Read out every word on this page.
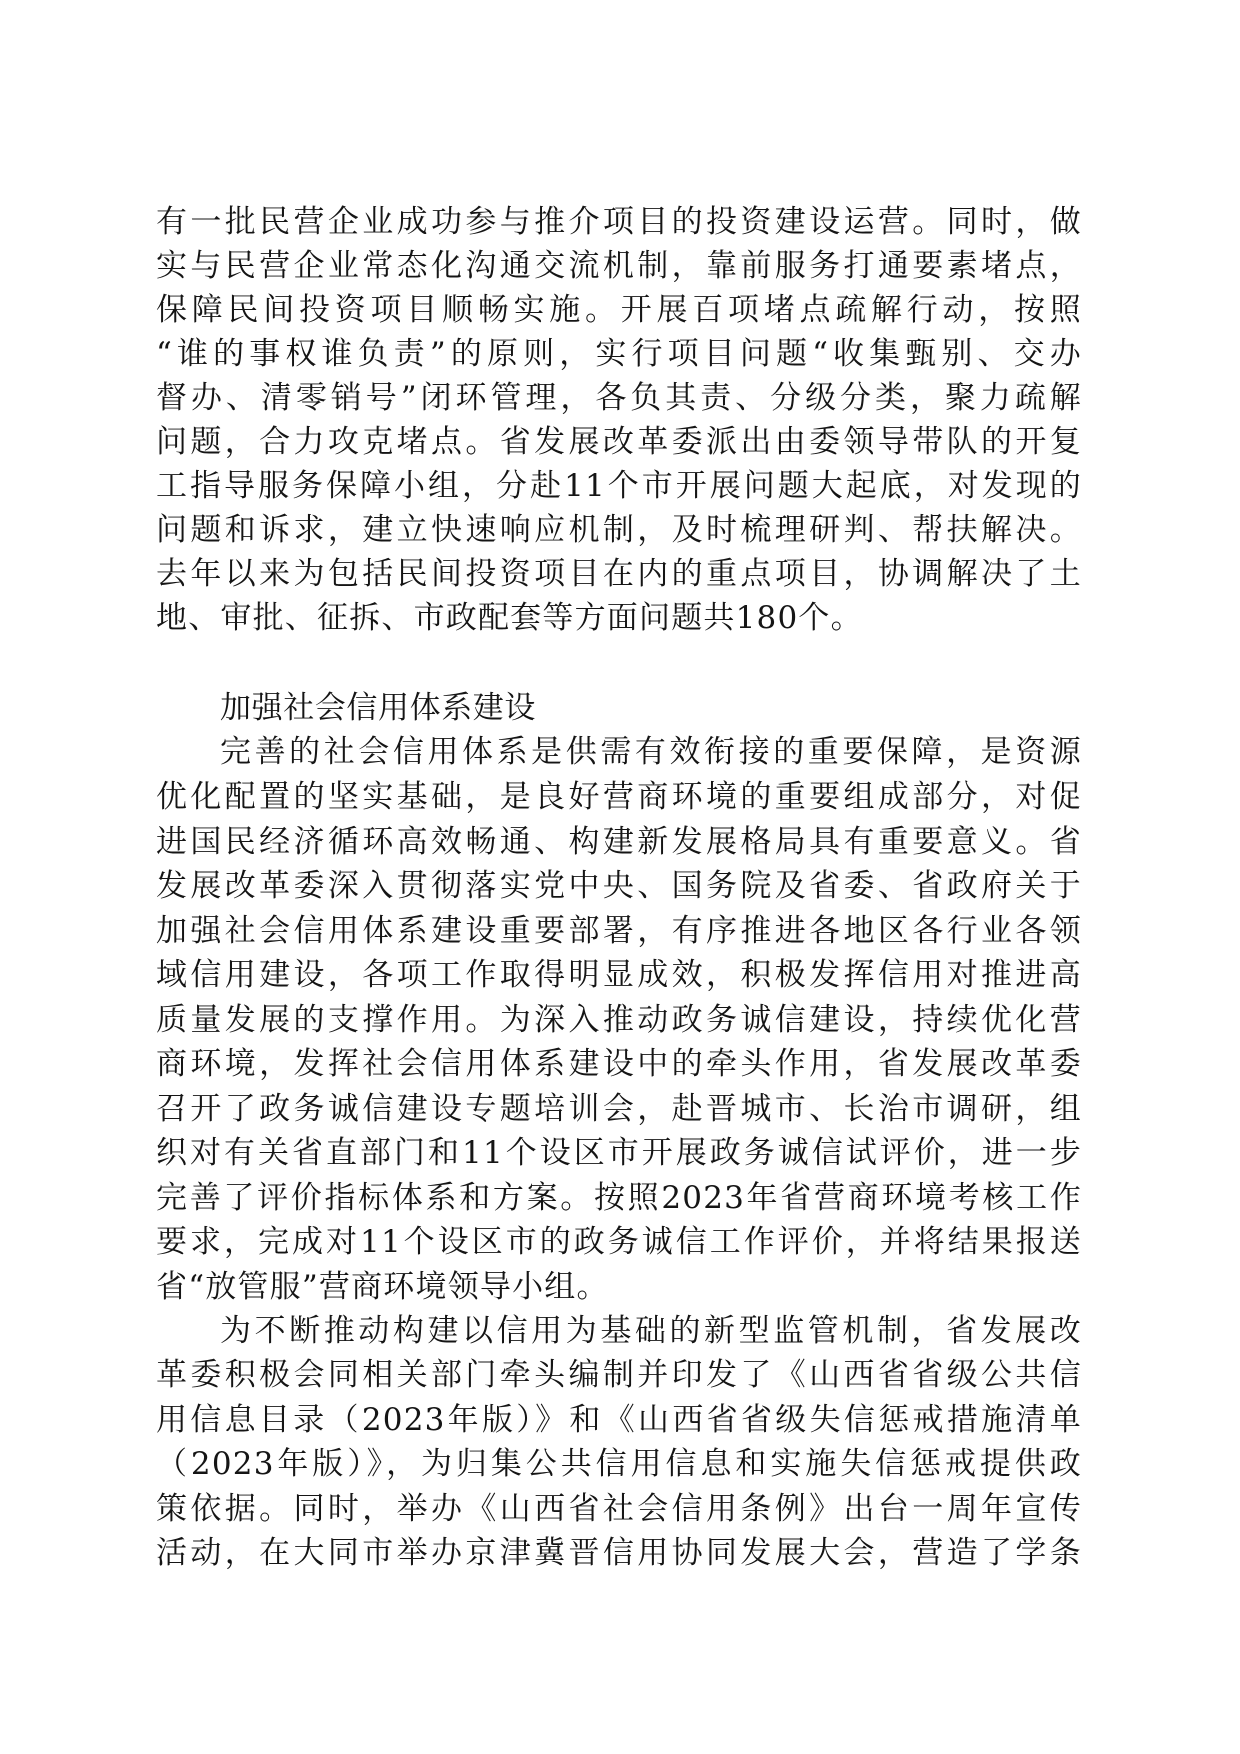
有一批民营企业成功参与推介项目的投资建设运营。同时，做
实与民营企业常态化沟通交流机制，靠前服务打通要素堵点，
保障民间投资项目顺畅实施。开展百项堵点疏解行动，按照
“谁的事权谁负责”的原则，实行项目问题“收集甄别、交办
督办、清零销号”闭环管理，各负其责、分级分类，聚力疏解
问题，合力攻克堵点。省发展改革委派出由委领导带队的开复
工指导服务保障小组，分赴11个市开展问题大起底，对发现的
问题和诉求，建立快速响应机制，及时梳理研判、帮扶解决。
去年以来为包括民间投资项目在内的重点项目，协调解决了土
地、审批、征拆、市政配套等方面问题共180个。
加强社会信用体系建设
完善的社会信用体系是供需有效衔接的重要保障，是资源
优化配置的坚实基础，是良好营商环境的重要组成部分，对促
进国民经济循环高效畅通、构建新发展格局具有重要意义。省
发展改革委深入贯彻落实党中央、国务院及省委、省政府关于
加强社会信用体系建设重要部署，有序推进各地区各行业各领
域信用建设，各项工作取得明显成效，积极发挥信用对推进高
质量发展的支撑作用。为深入推动政务诚信建设，持续优化营
商环境，发挥社会信用体系建设中的牵头作用，省发展改革委
召开了政务诚信建设专题培训会，赴晋城市、长治市调研，组
织对有关省直部门和11个设区市开展政务诚信试评价，进一步
完善了评价指标体系和方案。按照2023年省营商环境考核工作
要求，完成对11个设区市的政务诚信工作评价，并将结果报送
省“放管服”营商环境领导小组。
为不断推动构建以信用为基础的新型监管机制，省发展改
革委积极会同相关部门牵头编制并印发了《山西省省级公共信
用信息目录（2023年版）》和《山西省省级失信惩戒措施清单
（2023年版）》，为归集公共信用信息和实施失信惩戒提供政
策依据。同时，举办《山西省社会信用条例》出台一周年宣传
活动，在大同市举办京津冀晋信用协同发展大会，营造了学条
